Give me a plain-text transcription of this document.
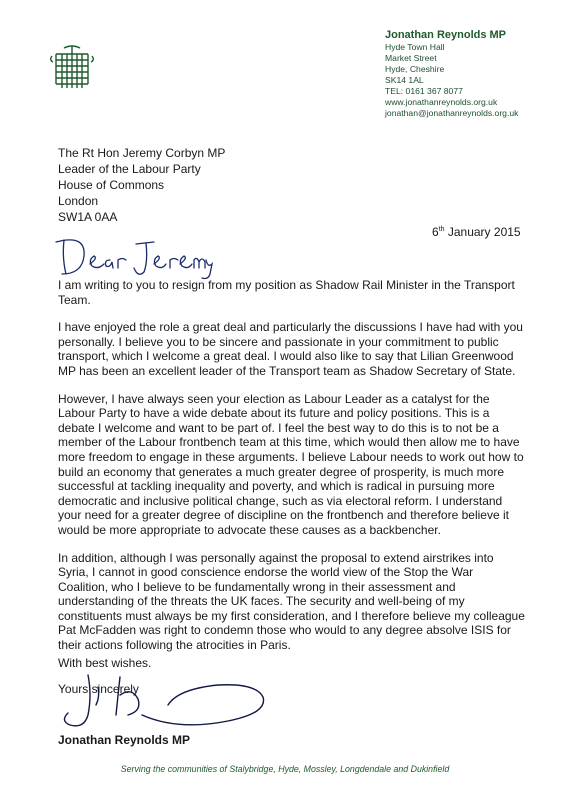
Jonathan Reynolds MP
Hyde Town Hall
Market Street
Hyde, Cheshire
SK14 1AL
TEL: 0161 367 8077
www.jonathanreynolds.org.uk
jonathan@jonathanreynolds.org.uk
The Rt Hon Jeremy Corbyn MP
Leader of the Labour Party
House of Commons
London
SW1A 0AA
6th January 2015

I am writing to you to resign from my position as Shadow Rail Minister in the Transport Team.

I have enjoyed the role a great deal and particularly the discussions I have had with you personally. I believe you to be sincere and passionate in your commitment to public transport, which I welcome a great deal. I would also like to say that Lilian Greenwood MP has been an excellent leader of the Transport team as Shadow Secretary of State.

However, I have always seen your election as Labour Leader as a catalyst for the Labour Party to have a wide debate about its future and policy positions. This is a debate I welcome and want to be part of. I feel the best way to do this is to not be a member of the Labour frontbench team at this time, which would then allow me to have more freedom to engage in these arguments. I believe Labour needs to work out how to build an economy that generates a much greater degree of prosperity, is much more successful at tackling inequality and poverty, and which is radical in pursuing more democratic and inclusive political change, such as via electoral reform. I understand your need for a greater degree of discipline on the frontbench and therefore believe it would be more appropriate to advocate these causes as a backbencher.

In addition, although I was personally against the proposal to extend airstrikes into Syria, I cannot in good conscience endorse the world view of the Stop the War Coalition, who I believe to be fundamentally wrong in their assessment and understanding of the threats the UK faces. The security and well-being of my constituents must always be my first consideration, and I therefore believe my colleague Pat McFadden was right to condemn those who would to any degree absolve ISIS for their actions following the atrocities in Paris.

With best wishes.
Yours sincerely
Jonathan Reynolds MP
Serving the communities of Stalybridge, Hyde, Mossley, Longdendale and Dukinfield
